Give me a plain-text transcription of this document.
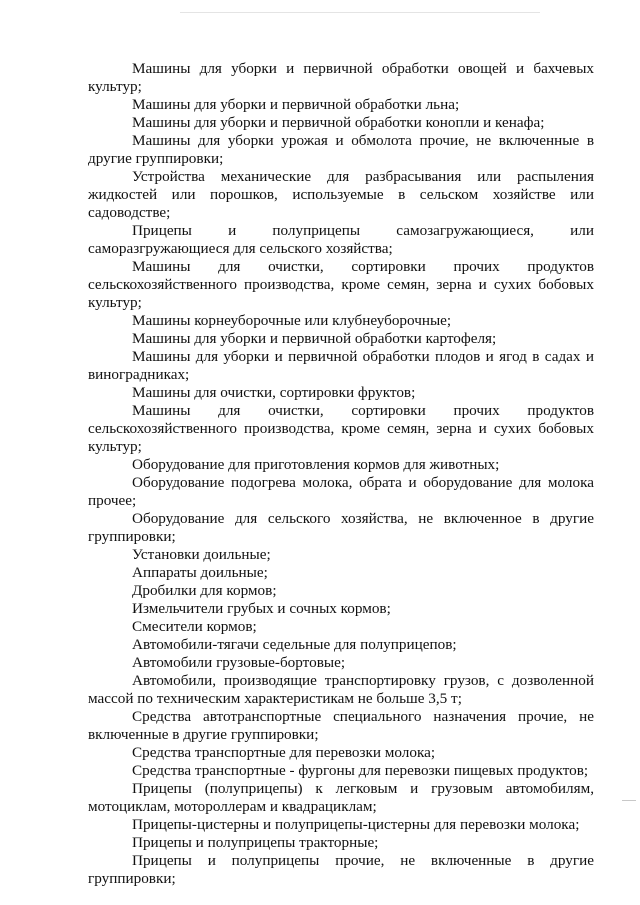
Машины для уборки и первичной обработки овощей и бахчевых культур;

Машины для уборки и первичной обработки льна;

Машины для уборки и первичной обработки конопли и кенафа;

Машины для уборки урожая и обмолота прочие, не включенные в другие группировки;

Устройства механические для разбрасывания или распыления жидкостей или порошков, используемые в сельском хозяйстве или садоводстве;

Прицепы и полуприцепы самозагружающиеся, или саморазгружающиеся для сельского хозяйства;

Машины для очистки, сортировки прочих продуктов сельскохозяйственного производства, кроме семян, зерна и сухих бобовых культур;

Машины корнеуборочные или клубнеуборочные;

Машины для уборки и первичной обработки картофеля;

Машины для уборки и первичной обработки плодов и ягод в садах и виноградниках;

Машины для очистки, сортировки фруктов;

Машины для очистки, сортировки прочих продуктов сельскохозяйственного производства, кроме семян, зерна и сухих бобовых культур;

Оборудование для приготовления кормов для животных;

Оборудование подогрева молока, обрата и оборудование для молока прочее;

Оборудование для сельского хозяйства, не включенное в другие группировки;

Установки доильные;

Аппараты доильные;

Дробилки для кормов;

Измельчители грубых и сочных кормов;

Смесители кормов;

Автомобили-тягачи седельные для полуприцепов;

Автомобили грузовые-бортовые;

Автомобили, производящие транспортировку грузов, с дозволенной массой по техническим характеристикам не больше 3,5 т;

Средства автотранспортные специального назначения прочие, не включенные в другие группировки;

Средства транспортные для перевозки молока;

Средства транспортные - фургоны для перевозки пищевых продуктов;

Прицепы (полуприцепы) к легковым и грузовым автомобилям, мотоциклам, мотороллерам и квадрациклам;

Прицепы-цистерны и полуприцепы-цистерны для перевозки молока;

Прицепы и полуприцепы тракторные;

Прицепы и полуприцепы прочие, не включенные в другие группировки;
